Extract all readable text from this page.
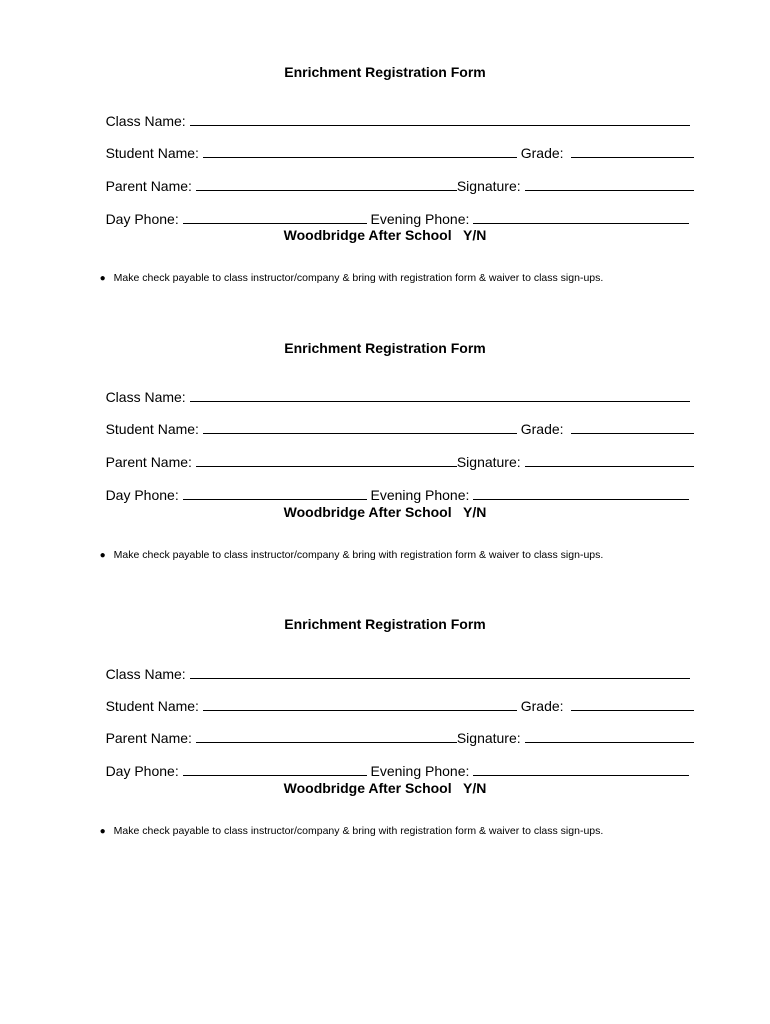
Enrichment Registration Form

Class Name:

Student Name:	Grade:

Parent Name:	Signature:

Day Phone:	Evening Phone:

Woodbridge After School   Y/N

● Make check payable to class instructor/company & bring with registration form & waiver to class sign-ups.

Enrichment Registration Form

Class Name:

Student Name:	Grade:

Parent Name:	Signature:

Day Phone:	Evening Phone:

Woodbridge After School   Y/N

● Make check payable to class instructor/company & bring with registration form & waiver to class sign-ups.

Enrichment Registration Form

Class Name:

Student Name:	Grade:

Parent Name:	Signature:

Day Phone:	Evening Phone:

Woodbridge After School   Y/N

● Make check payable to class instructor/company & bring with registration form & waiver to class sign-ups.
